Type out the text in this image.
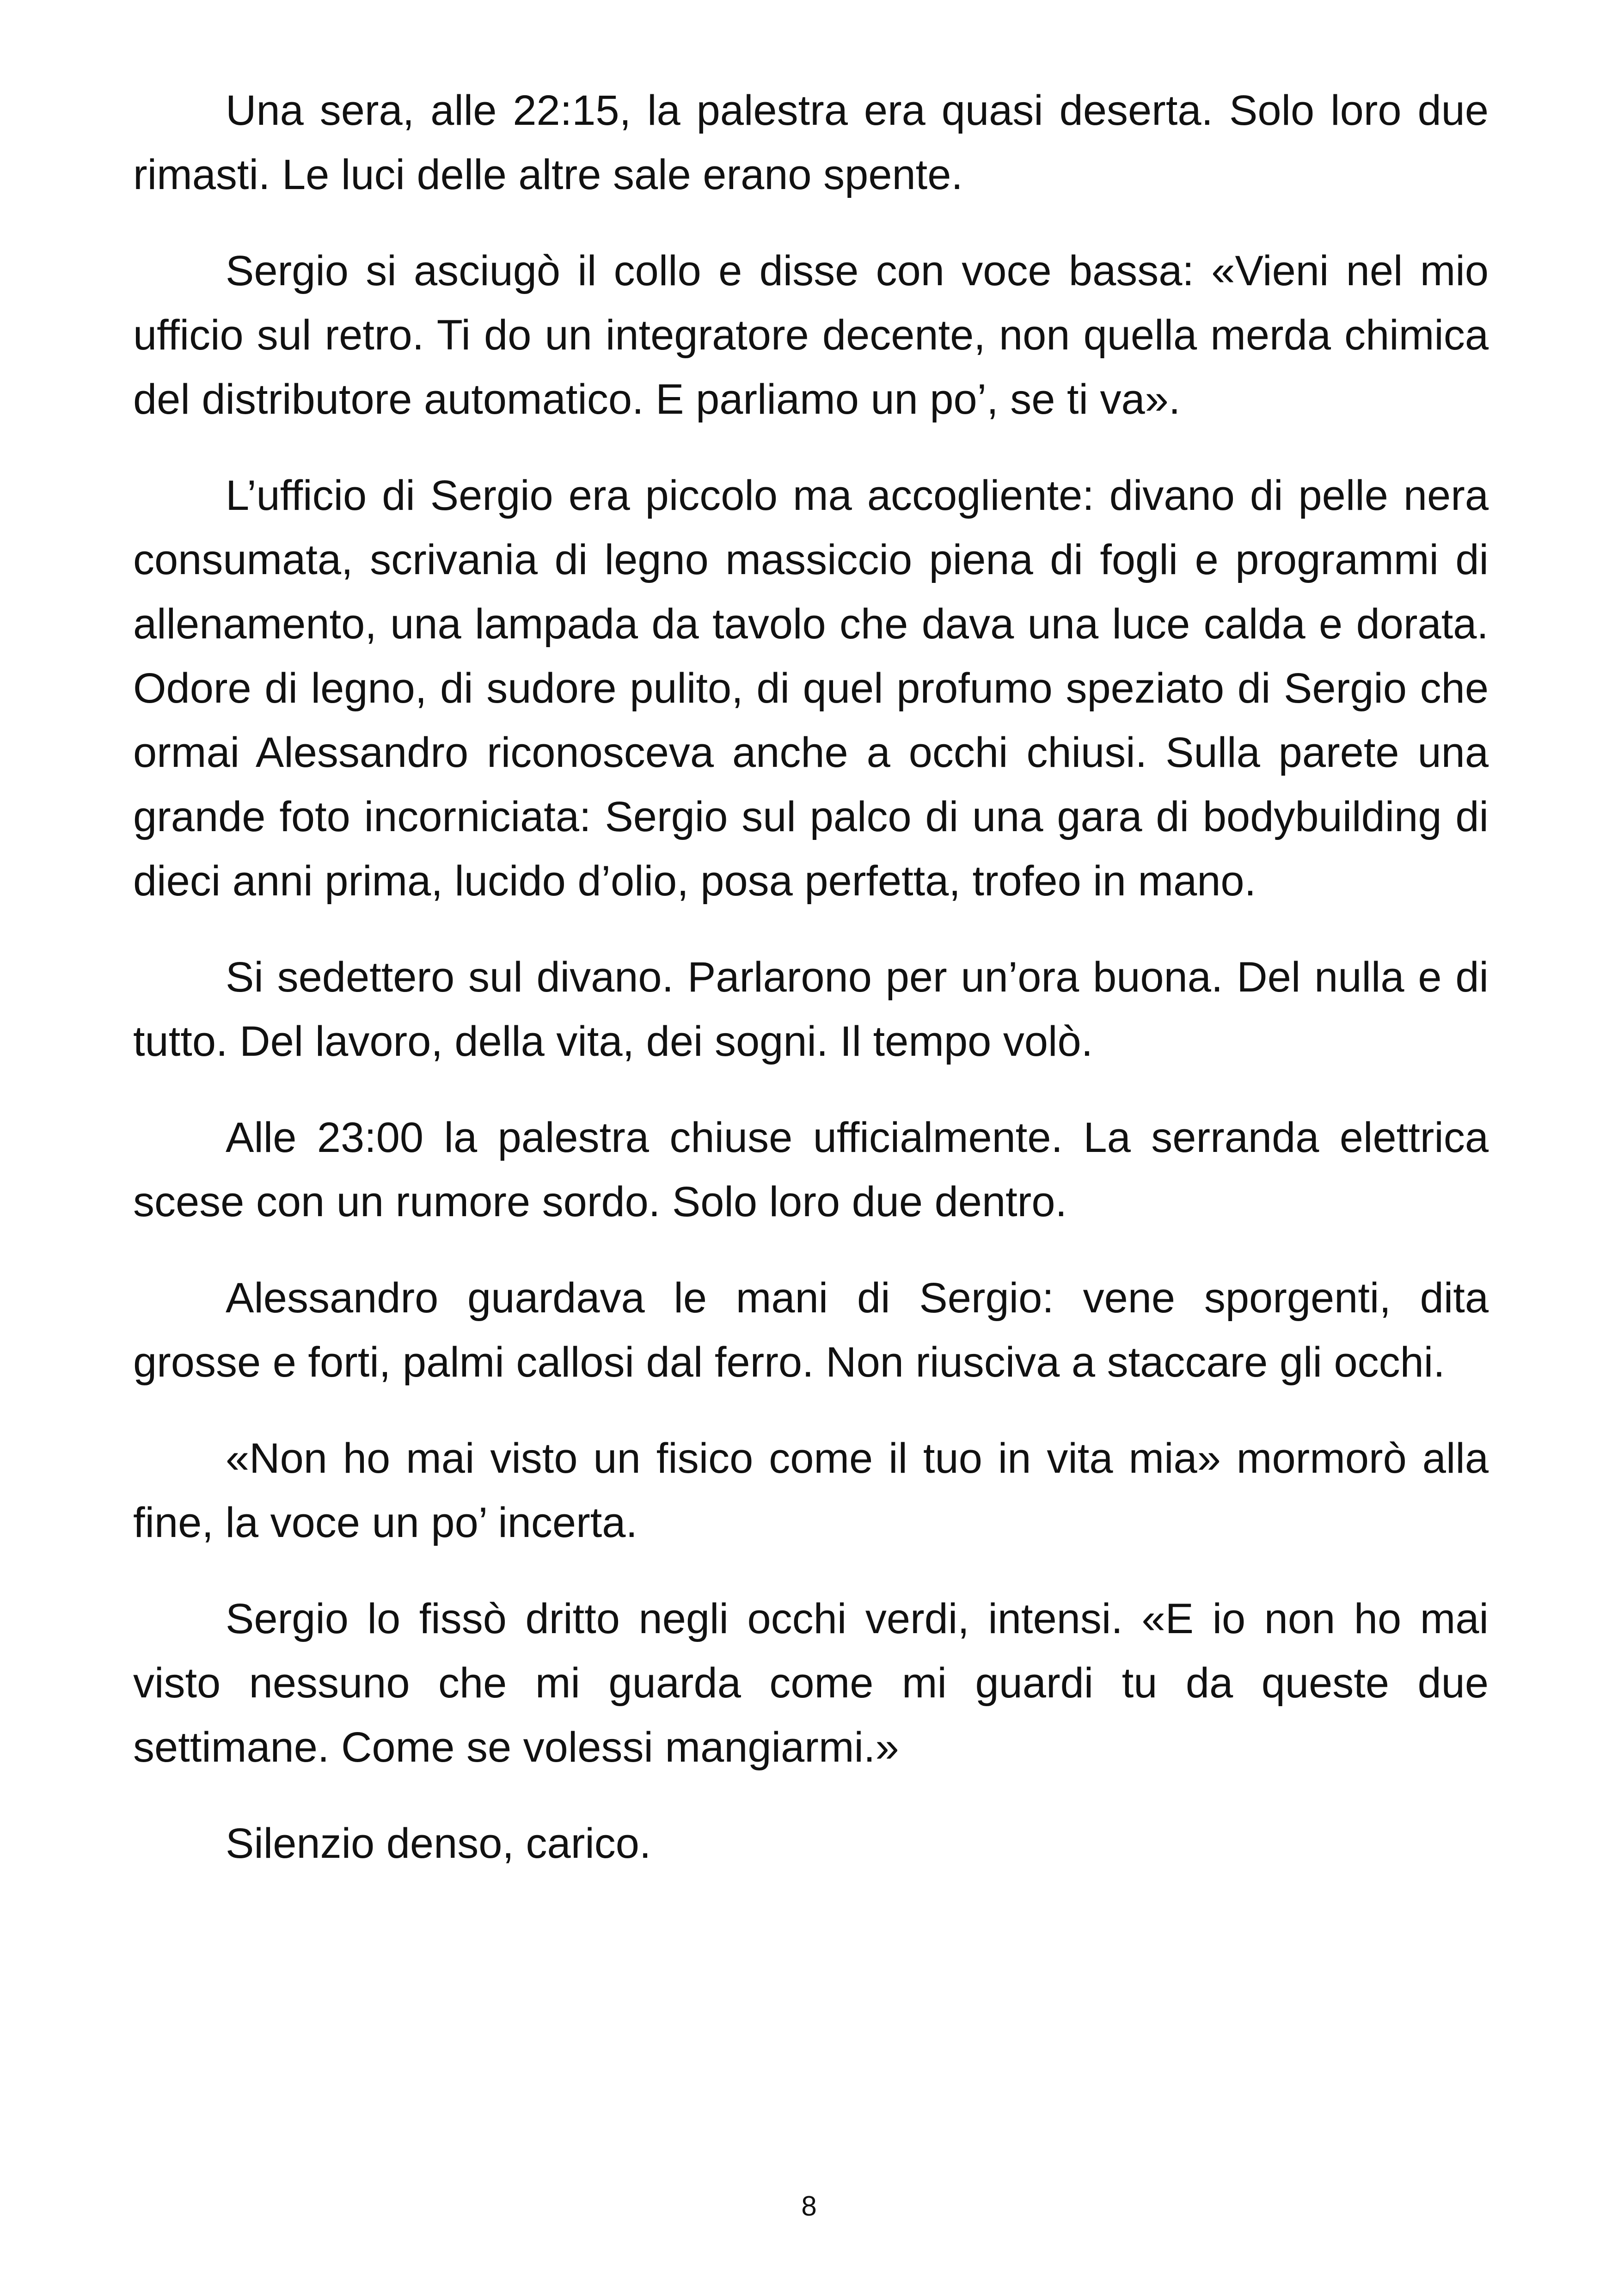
Una sera, alle 22:15, la palestra era quasi deserta. Solo loro due rimasti. Le luci delle altre sale erano spente.

Sergio si asciugò il collo e disse con voce bassa: «Vieni nel mio ufficio sul retro. Ti do un integratore decente, non quella merda chimica del distributore automatico. E parliamo un po’, se ti va».

L’ufficio di Sergio era piccolo ma accogliente: divano di pelle nera consumata, scrivania di legno massiccio piena di fogli e programmi di allenamento, una lampada da tavolo che dava una luce calda e dorata. Odore di legno, di sudore pulito, di quel profumo speziato di Sergio che ormai Alessandro riconosceva anche a occhi chiusi. Sulla parete una grande foto incorniciata: Sergio sul palco di una gara di bodybuilding di dieci anni prima, lucido d’olio, posa perfetta, trofeo in mano.

Si sedettero sul divano. Parlarono per un’ora buona. Del nulla e di tutto. Del lavoro, della vita, dei sogni. Il tempo volò.

Alle 23:00 la palestra chiuse ufficialmente. La serranda elettrica scese con un rumore sordo. Solo loro due dentro.

Alessandro guardava le mani di Sergio: vene sporgenti, dita grosse e forti, palmi callosi dal ferro. Non riusciva a staccare gli occhi.

«Non ho mai visto un fisico come il tuo in vita mia» mormorò alla fine, la voce un po’ incerta.

Sergio lo fissò dritto negli occhi verdi, intensi. «E io non ho mai visto nessuno che mi guarda come mi guardi tu da queste due settimane. Come se volessi mangiarmi.»

Silenzio denso, carico.

8
